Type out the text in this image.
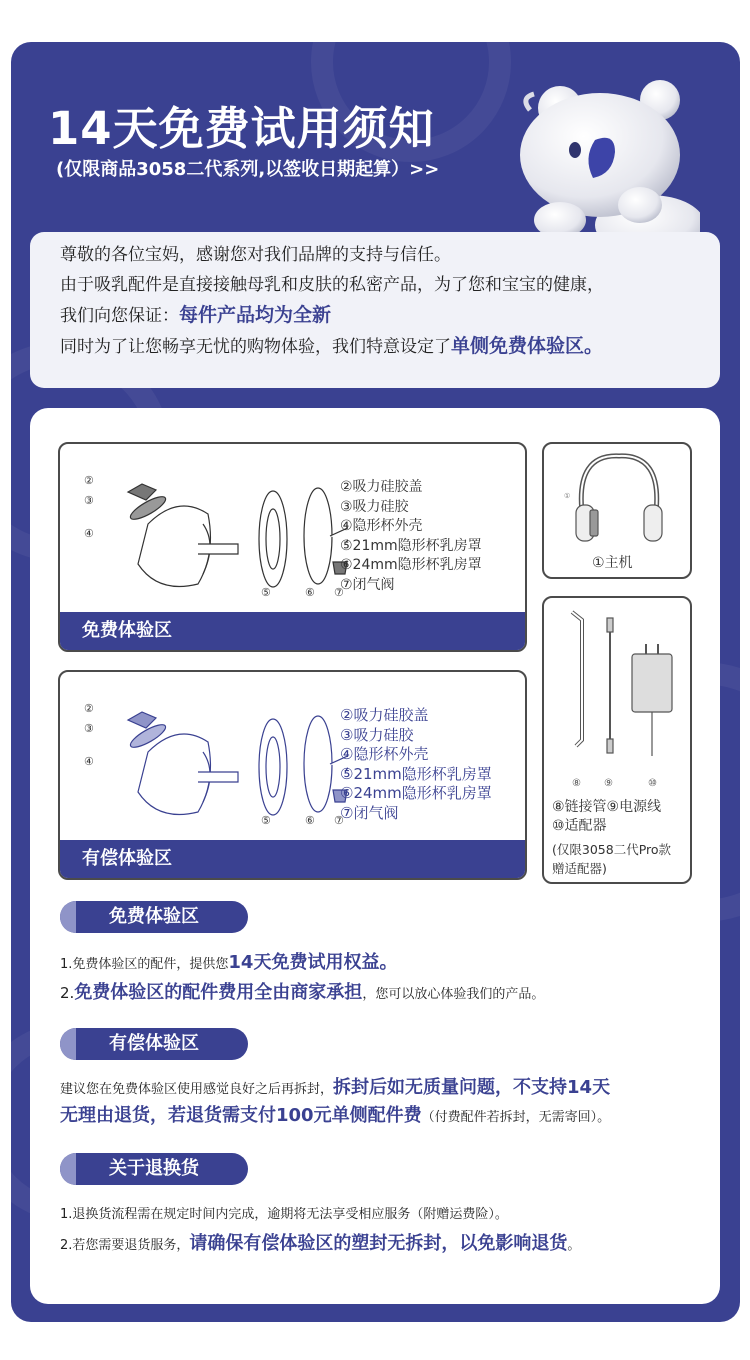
14天免费试用须知
(仅限商品3058二代系列,以签收日期起算）>>

尊敬的各位宝妈，感谢您对我们品牌的支持与信任。

由于吸乳配件是直接接触母乳和皮肤的私密产品，为了您和宝宝的健康，

我们向您保证：每件产品均为全新

同时为了让您畅享无忧的购物体验，我们特意设定了单侧免费体验区。

②
③
④
⑤	⑥ ⑦
②吸力硅胶盖
③吸力硅胶
④隐形杯外壳
⑤21mm隐形杯乳房罩
⑥24mm隐形杯乳房罩
⑦闭气阀
免费体验区
②
③
④
⑤	⑥ ⑦
②吸力硅胶盖
③吸力硅胶
④隐形杯外壳
⑤21mm隐形杯乳房罩
⑥24mm隐形杯乳房罩
⑦闭气阀
有偿体验区
①
①主机
⑧ ⑨	⑩
⑧链接管⑨电源线
⑩适配器
(仅限3058二代Pro款
赠适配器)
免费体验区
1.免费体验区的配件，提供您14天免费试用权益。
2.免费体验区的配件费用全由商家承担，您可以放心体验我们的产品。
有偿体验区
建议您在免费体验区使用感觉良好之后再拆封，拆封后如无质量问题，不支持14天
无理由退货，若退货需支付100元单侧配件费（付费配件若拆封，无需寄回）。
关于退换货
1.退换货流程需在规定时间内完成，逾期将无法享受相应服务（附赠运费险）。
2.若您需要退货服务，请确保有偿体验区的塑封无拆封，以免影响退货。
